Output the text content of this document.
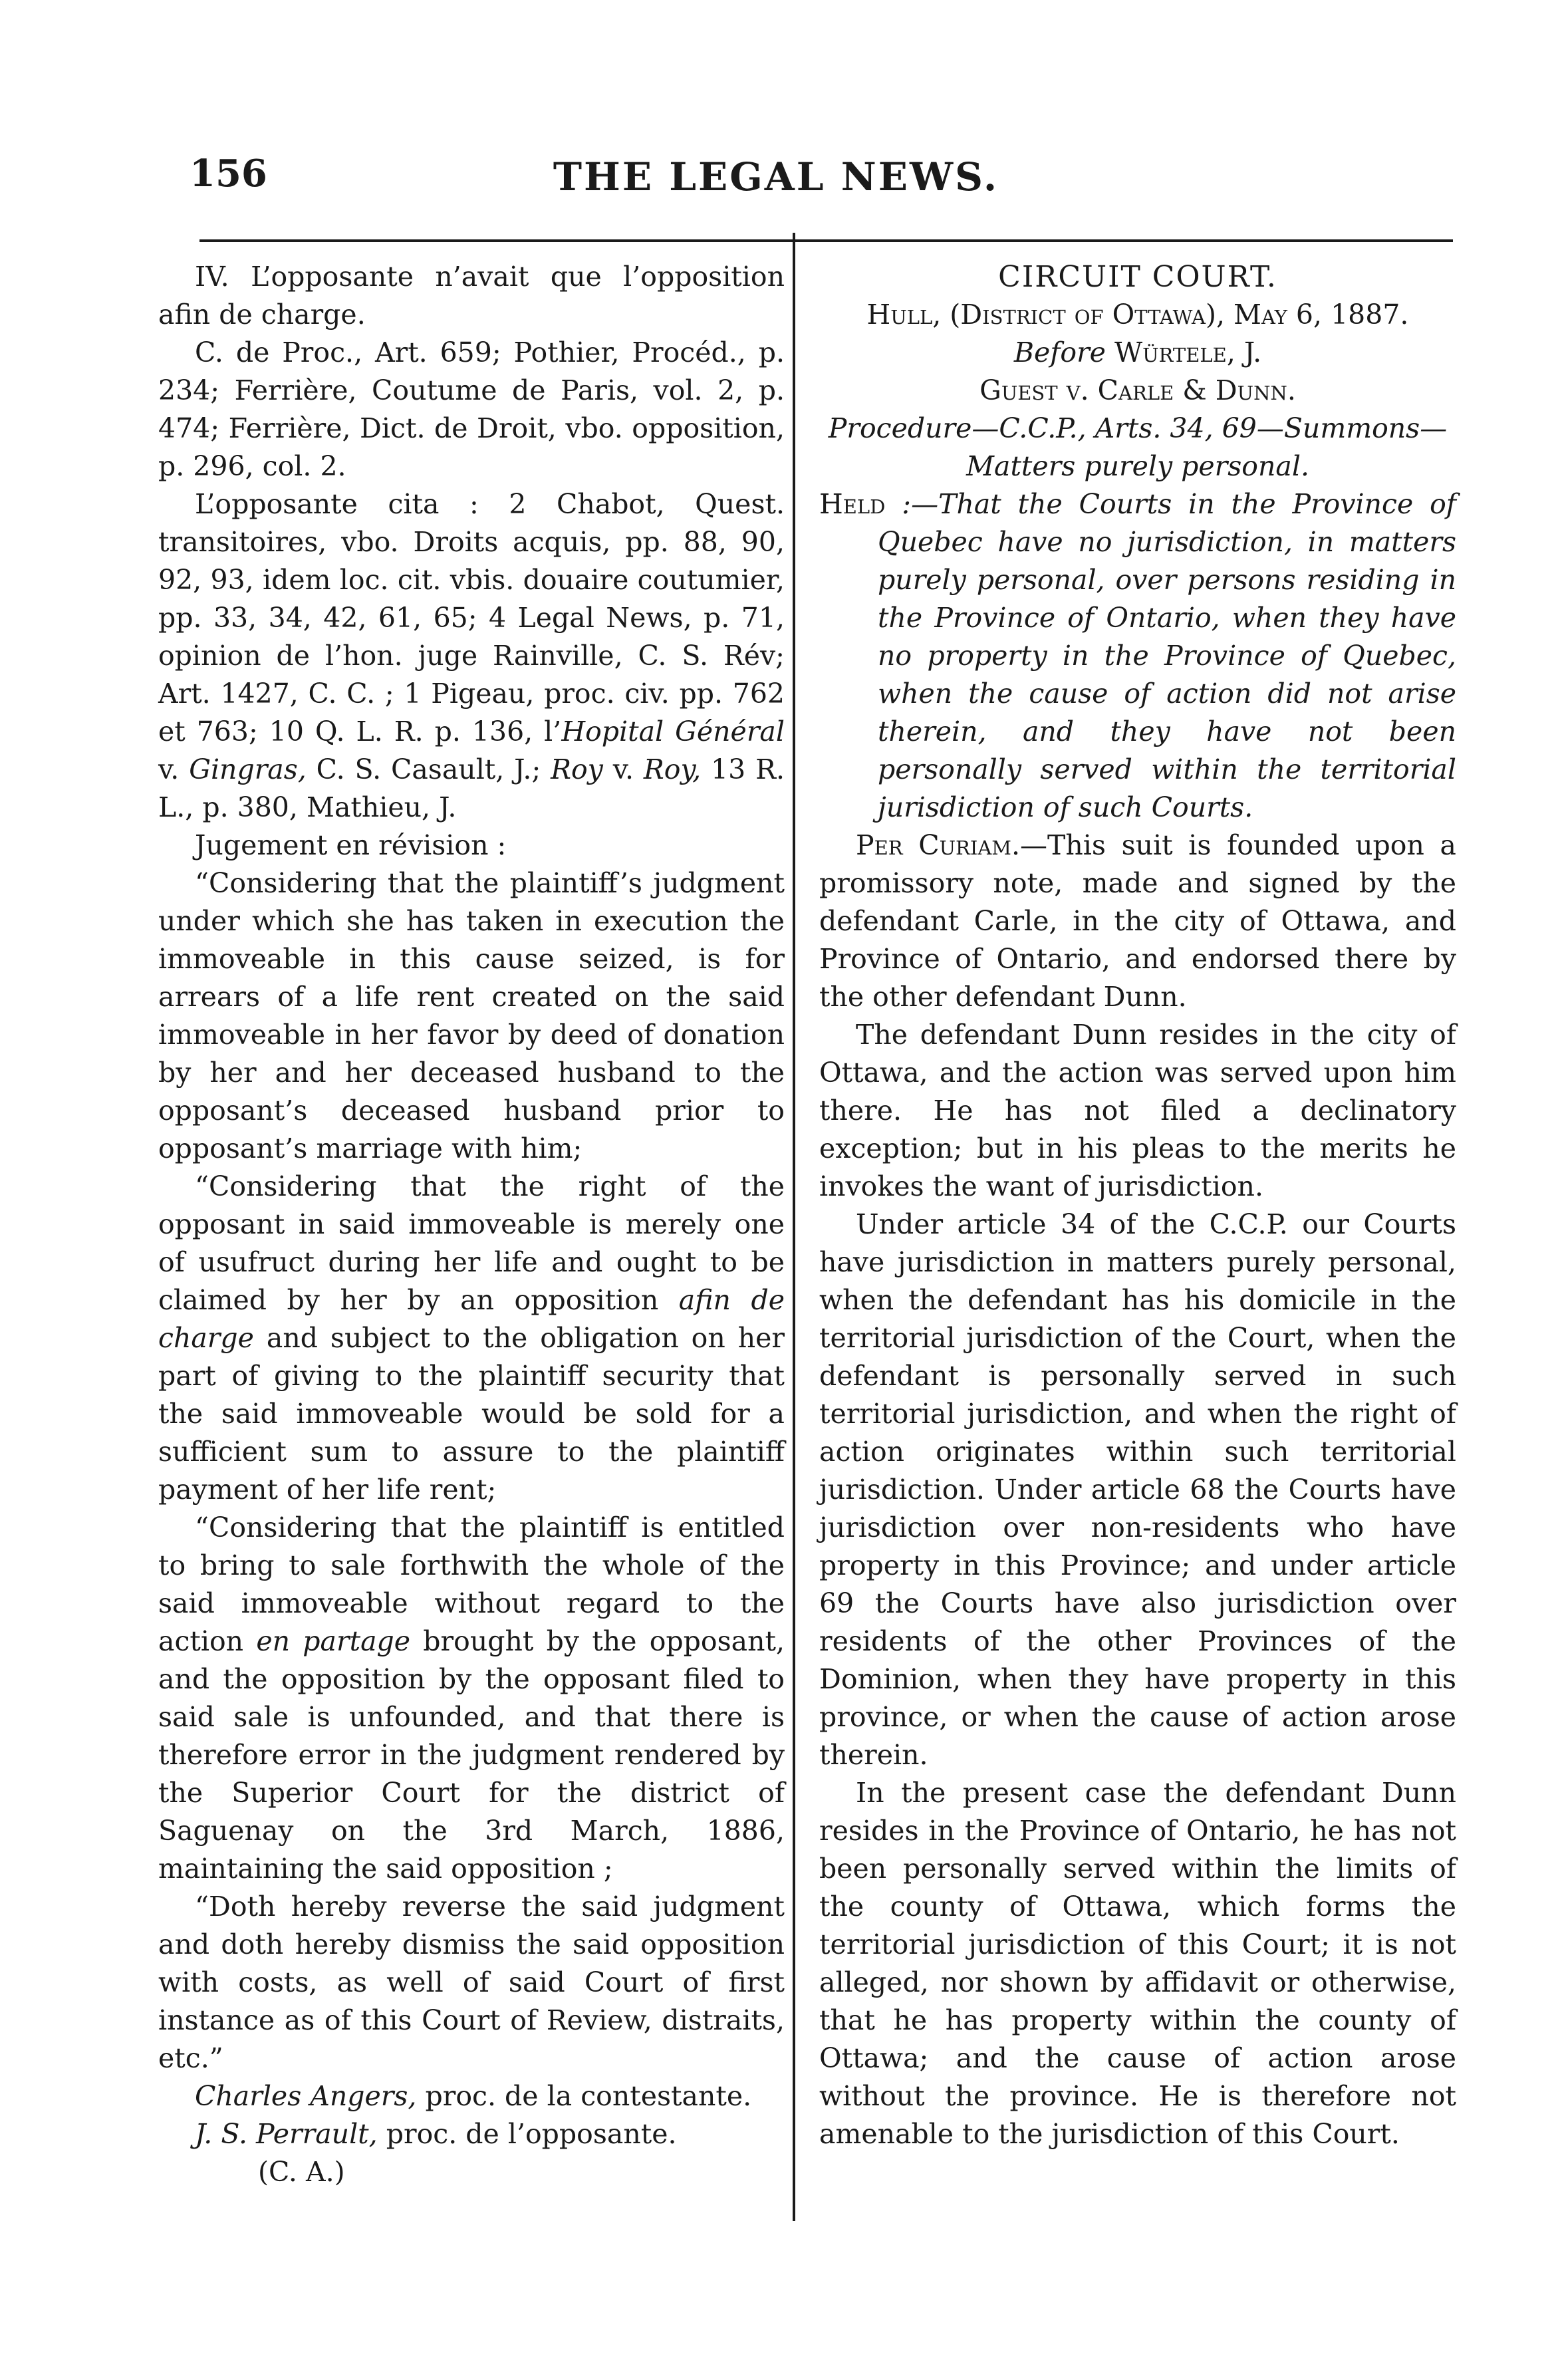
156	THE LEGAL NEWS.

IV. L’opposante n’avait que l’opposition afin de charge.

C. de Proc., Art. 659; Pothier, Procéd., p. 234; Ferrière, Coutume de Paris, vol. 2, p. 474; Ferrière, Dict. de Droit, vbo. opposition, p. 296, col. 2.

L’opposante cita : 2 Chabot, Quest. transitoires, vbo. Droits acquis, pp. 88, 90, 92, 93, idem loc. cit. vbis. douaire coutumier, pp. 33, 34, 42, 61, 65; 4 Legal News, p. 71, opinion de l’hon. juge Rainville, C. S. Rév; Art. 1427, C. C. ; 1 Pigeau, proc. civ. pp. 762 et 763; 10 Q. L. R. p. 136, l’Hopital Général v. Gingras, C. S. Casault, J.; Roy v. Roy, 13 R. L., p. 380, Mathieu, J.

Jugement en révision :

“Considering that the plaintiff’s judgment under which she has taken in execution the immoveable in this cause seized, is for arrears of a life rent created on the said immoveable in her favor by deed of donation by her and her deceased husband to the opposant’s deceased husband prior to opposant’s marriage with him;

“Considering that the right of the opposant in said immoveable is merely one of usufruct during her life and ought to be claimed by her by an opposition afin de charge and subject to the obligation on her part of giving to the plaintiff security that the said immoveable would be sold for a sufficient sum to assure to the plaintiff payment of her life rent;

“Considering that the plaintiff is entitled to bring to sale forthwith the whole of the said immoveable without regard to the action en partage brought by the opposant, and the opposition by the opposant filed to said sale is unfounded, and that there is therefore error in the judgment rendered by the Superior Court for the district of Saguenay on the 3rd March, 1886, maintaining the said opposition ;

“Doth hereby reverse the said judgment and doth hereby dismiss the said opposition with costs, as well of said Court of first instance as of this Court of Review, distraits, etc.”

Charles Angers, proc. de la contestante.

J. S. Perrault, proc. de l’opposante.

(C. A.)

CIRCUIT COURT.

Hull, (District of Ottawa), May 6, 1887.

Before Würtele, J.

Guest v. Carle & Dunn.

Procedure—C.C.P., Arts. 34, 69—Summons—Matters purely personal.

Held :—That the Courts in the Province of Quebec have no jurisdiction, in matters purely personal, over persons residing in the Province of Ontario, when they have no property in the Province of Quebec, when the cause of action did not arise therein, and they have not been personally served within the territorial jurisdiction of such Courts.

Per Curiam.—This suit is founded upon a promissory note, made and signed by the defendant Carle, in the city of Ottawa, and Province of Ontario, and endorsed there by the other defendant Dunn.

The defendant Dunn resides in the city of Ottawa, and the action was served upon him there. He has not filed a declinatory exception; but in his pleas to the merits he invokes the want of jurisdiction.

Under article 34 of the C.C.P. our Courts have jurisdiction in matters purely personal, when the defendant has his domicile in the territorial jurisdiction of the Court, when the defendant is personally served in such territorial jurisdiction, and when the right of action originates within such territorial jurisdiction. Under article 68 the Courts have jurisdiction over non-residents who have property in this Province; and under article 69 the Courts have also jurisdiction over residents of the other Provinces of the Dominion, when they have property in this province, or when the cause of action arose therein.

In the present case the defendant Dunn resides in the Province of Ontario, he has not been personally served within the limits of the county of Ottawa, which forms the territorial jurisdiction of this Court; it is not alleged, nor shown by affidavit or otherwise, that he has property within the county of Ottawa; and the cause of action arose without the province. He is therefore not amenable to the jurisdiction of this Court.
